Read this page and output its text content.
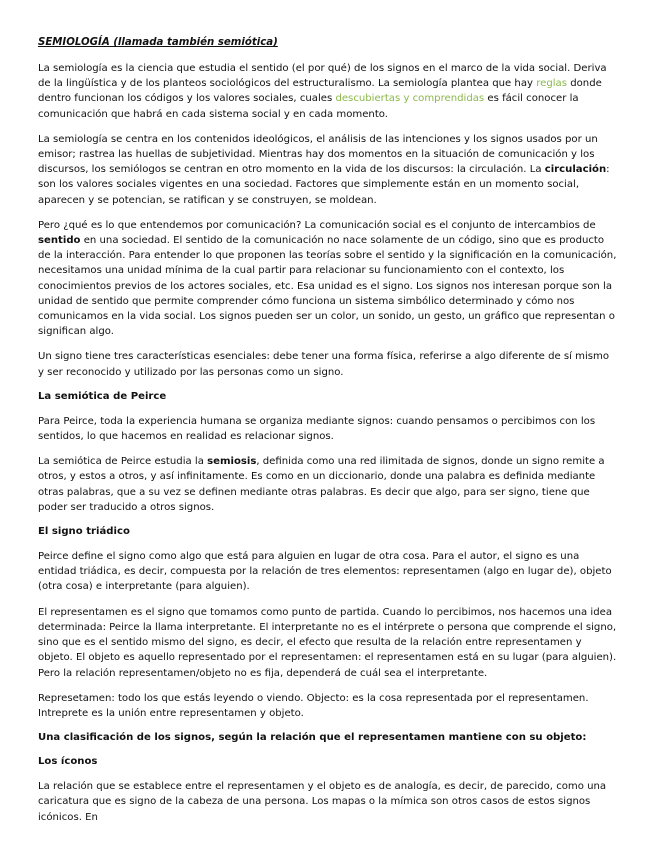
SEMIOLOGÍA (llamada también semiótica)

La semiología es la ciencia que estudia el sentido (el por qué) de los signos en el marco de la vida social. Deriva de la lingüística y de los planteos sociológicos del estructuralismo. La semiología plantea que hay reglas donde dentro funcionan los códigos y los valores sociales, cuales descubiertas y comprendidas es fácil conocer la comunicación que habrá en cada sistema social y en cada momento.

La semiología se centra en los contenidos ideológicos, el análisis de las intenciones y los signos usados por un emisor; rastrea las huellas de subjetividad. Mientras hay dos momentos en la situación de comunicación y los discursos, los semiólogos se centran en otro momento en la vida de los discursos: la circulación. La circulación: son los valores sociales vigentes en una sociedad. Factores que simplemente están en un momento social, aparecen y se potencian, se ratifican y se construyen, se moldean.

Pero ¿qué es lo que entendemos por comunicación? La comunicación social es el conjunto de intercambios de sentido en una sociedad. El sentido de la comunicación no nace solamente de un código, sino que es producto de la interacción. Para entender lo que proponen las teorías sobre el sentido y la significación en la comunicación, necesitamos una unidad mínima de la cual partir para relacionar su funcionamiento con el contexto, los conocimientos previos de los actores sociales, etc. Esa unidad es el signo. Los signos nos interesan porque son la unidad de sentido que permite comprender cómo funciona un sistema simbólico determinado y cómo nos comunicamos en la vida social. Los signos pueden ser un color, un sonido, un gesto, un gráfico que representan o significan algo.

Un signo tiene tres características esenciales: debe tener una forma física, referirse a algo diferente de sí mismo y ser reconocido y utilizado por las personas como un signo.

La semiótica de Peirce

Para Peirce, toda la experiencia humana se organiza mediante signos: cuando pensamos o percibimos con los sentidos, lo que hacemos en realidad es relacionar signos.

La semiótica de Peirce estudia la semiosis, definida como una red ilimitada de signos, donde un signo remite a otros, y estos a otros, y así infinitamente. Es como en un diccionario, donde una palabra es definida mediante otras palabras, que a su vez se definen mediante otras palabras. Es decir que algo, para ser signo, tiene que poder ser traducido a otros signos.

El signo triádico

Peirce define el signo como algo que está para alguien en lugar de otra cosa. Para el autor, el signo es una entidad triádica, es decir, compuesta por la relación de tres elementos: representamen (algo en lugar de), objeto (otra cosa) e interpretante (para alguien).

El representamen es el signo que tomamos como punto de partida. Cuando lo percibimos, nos hacemos una idea determinada: Peirce la llama interpretante. El interpretante no es el intérprete o persona que comprende el signo, sino que es el sentido mismo del signo, es decir, el efecto que resulta de la relación entre representamen y objeto. El objeto es aquello representado por el representamen: el representamen está en su lugar (para alguien). Pero la relación representamen/objeto no es fija, dependerá de cuál sea el interpretante.

Represetamen: todo los que estás leyendo o viendo. Objecto: es la cosa representada por el representamen. Intreprete es la unión entre representamen y objeto.

Una clasificación de los signos, según la relación que el representamen mantiene con su objeto:
Los íconos

La relación que se establece entre el representamen y el objeto es de analogía, es decir, de parecido, como una caricatura que es signo de la cabeza de una persona. Los mapas o la mímica son otros casos de estos signos icónicos. En
